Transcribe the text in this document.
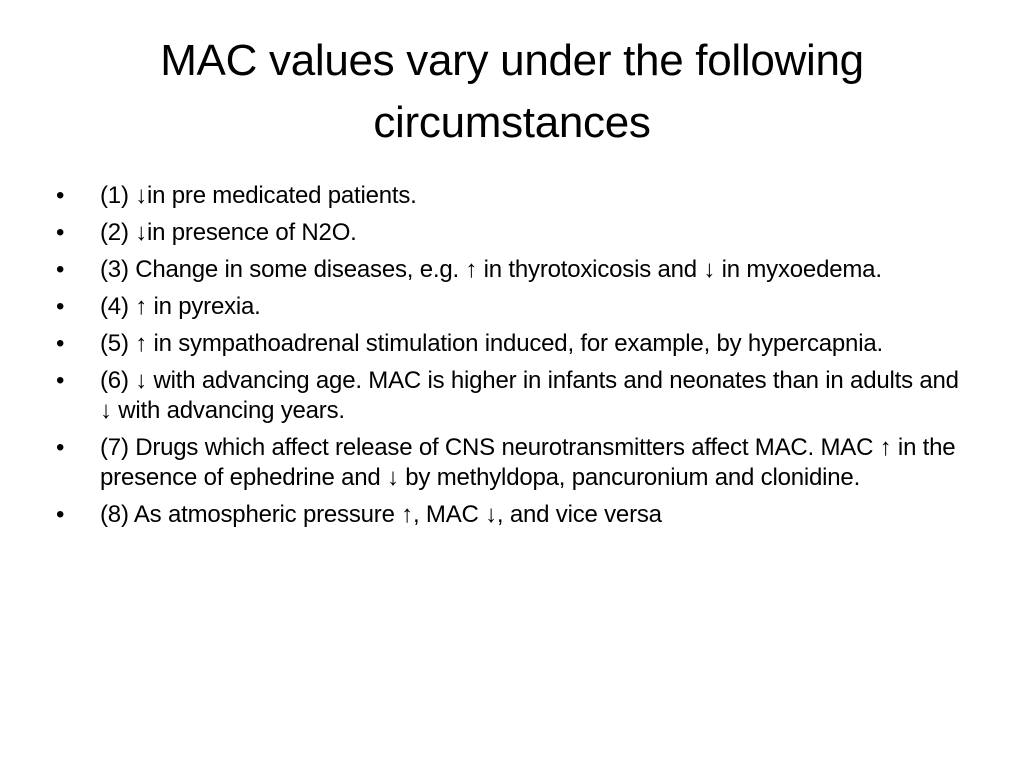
MAC values vary under the following circumstances
•	(1) ↓in pre medicated patients.
•	(2) ↓in presence of N2O.
•	(3) Change in some diseases, e.g. ↑ in thyrotoxicosis and ↓ in myxoedema.
•	(4) ↑ in pyrexia.
•	(5) ↑ in sympathoadrenal stimulation induced, for example, by hypercapnia.
•	(6) ↓ with advancing age. MAC is higher in infants and neonates than in adults and ↓ with advancing years.
•	(7) Drugs which affect release of CNS neurotransmitters affect MAC. MAC ↑ in the presence of ephedrine and ↓ by methyldopa, pancuronium and clonidine.
•	(8) As atmospheric pressure ↑, MAC ↓, and vice versa
